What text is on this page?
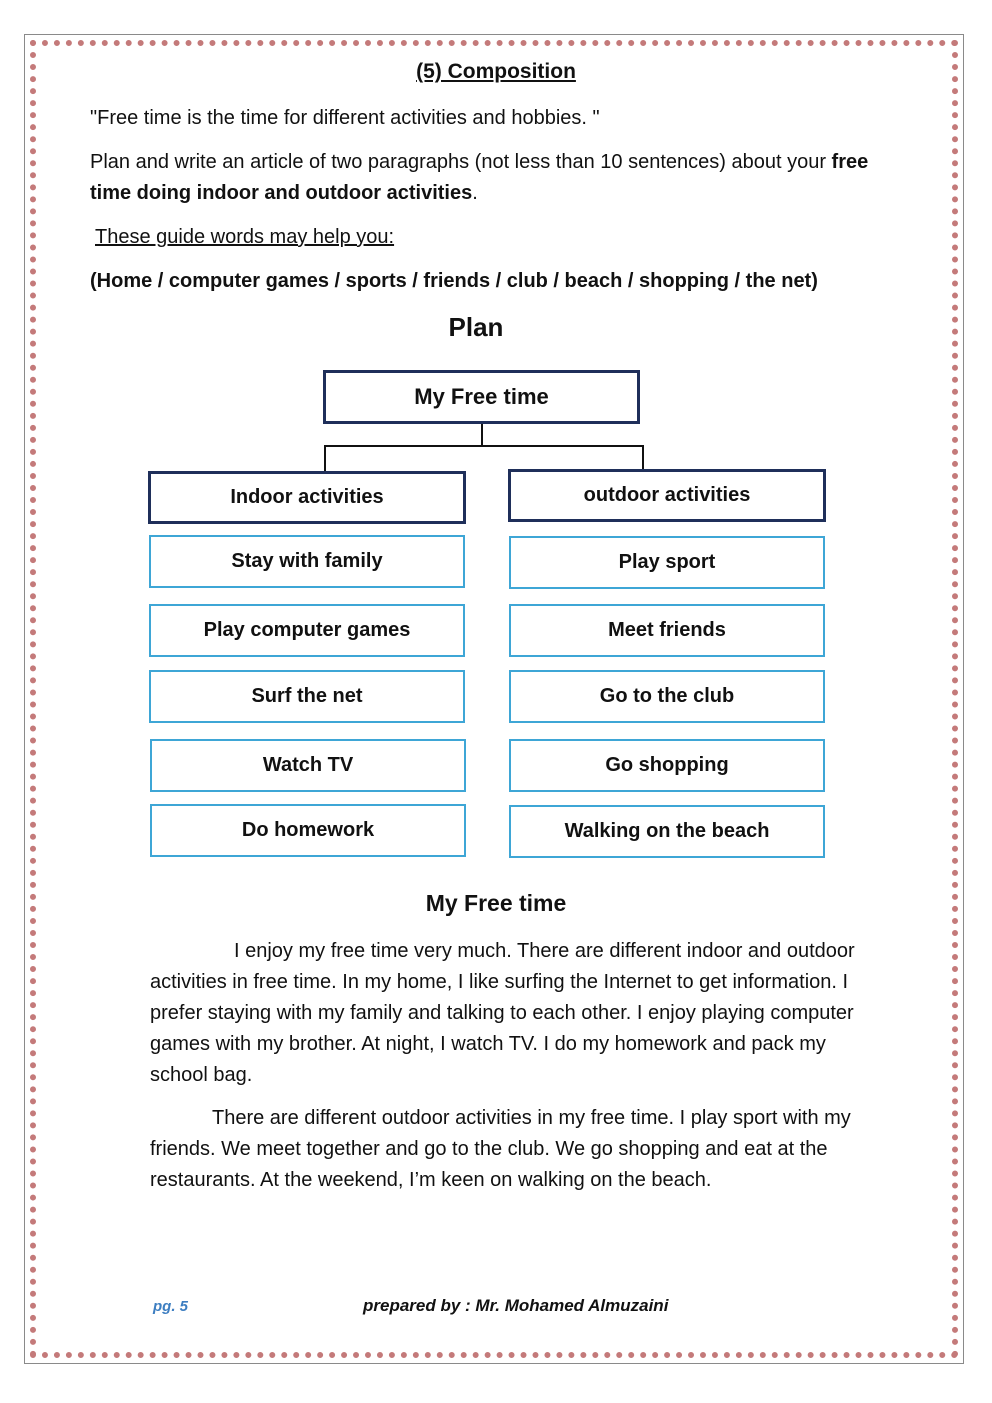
(5) Composition
"Free time is the time for different activities and hobbies. "
Plan and write an article of two paragraphs (not less than 10 sentences) about your free time doing indoor and outdoor activities.
These guide words may help you:
(Home / computer games / sports / friends / club / beach / shopping / the net)
Plan
My Free time
Indoor activities	outdoor activities
Stay with family
Play computer games
Surf the net
Watch TV
Do homework
Play sport
Meet friends
Go to the club
Go shopping
Walking on the beach
My Free time
I enjoy my free time very much. There are different indoor and outdoor activities in free time. In my home, I like surfing the Internet to get information. I prefer staying with my family and talking to each other. I enjoy playing computer games with my brother. At night, I watch TV. I do my homework and pack my school bag.
There are different outdoor activities in my free time. I play sport with my friends. We meet together and go to the club. We go shopping and eat at the restaurants. At the weekend, I’m keen on walking on the beach.
pg. 5	prepared by : Mr. Mohamed Almuzaini
